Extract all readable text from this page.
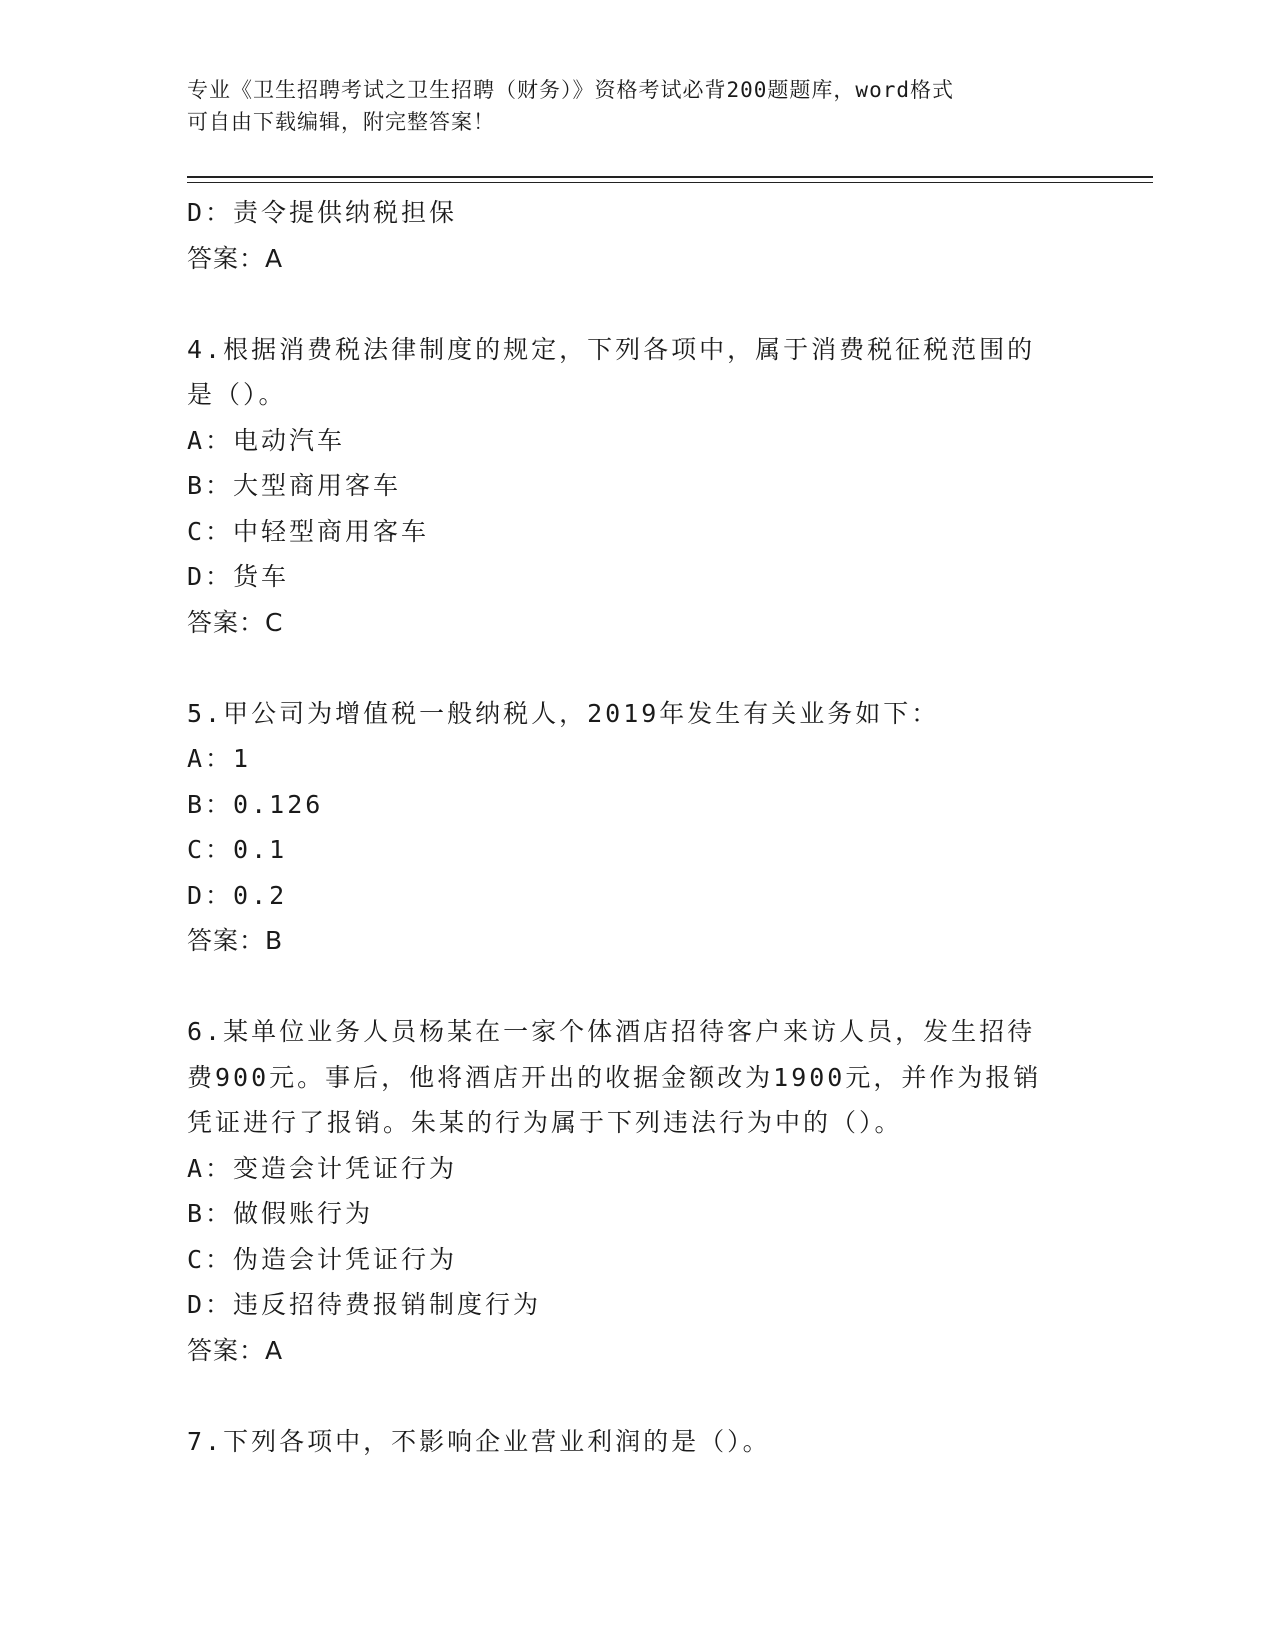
专业《卫生招聘考试之卫生招聘（财务）》资格考试必背200题题库，word格式
可自由下载编辑，附完整答案！
D：责令提供纳税担保
答案：A
4.根据消费税法律制度的规定，下列各项中，属于消费税征税范围的
是（）。
A：电动汽车
B：大型商用客车
C：中轻型商用客车
D：货车
答案：C
5.甲公司为增值税一般纳税人，2019年发生有关业务如下：
A：1
B：0.126
C：0.1
D：0.2
答案：B
6.某单位业务人员杨某在一家个体酒店招待客户来访人员，发生招待
费900元。事后，他将酒店开出的收据金额改为1900元，并作为报销
凭证进行了报销。朱某的行为属于下列违法行为中的（）。
A：变造会计凭证行为
B：做假账行为
C：伪造会计凭证行为
D：违反招待费报销制度行为
答案：A
7.下列各项中，不影响企业营业利润的是（）。
